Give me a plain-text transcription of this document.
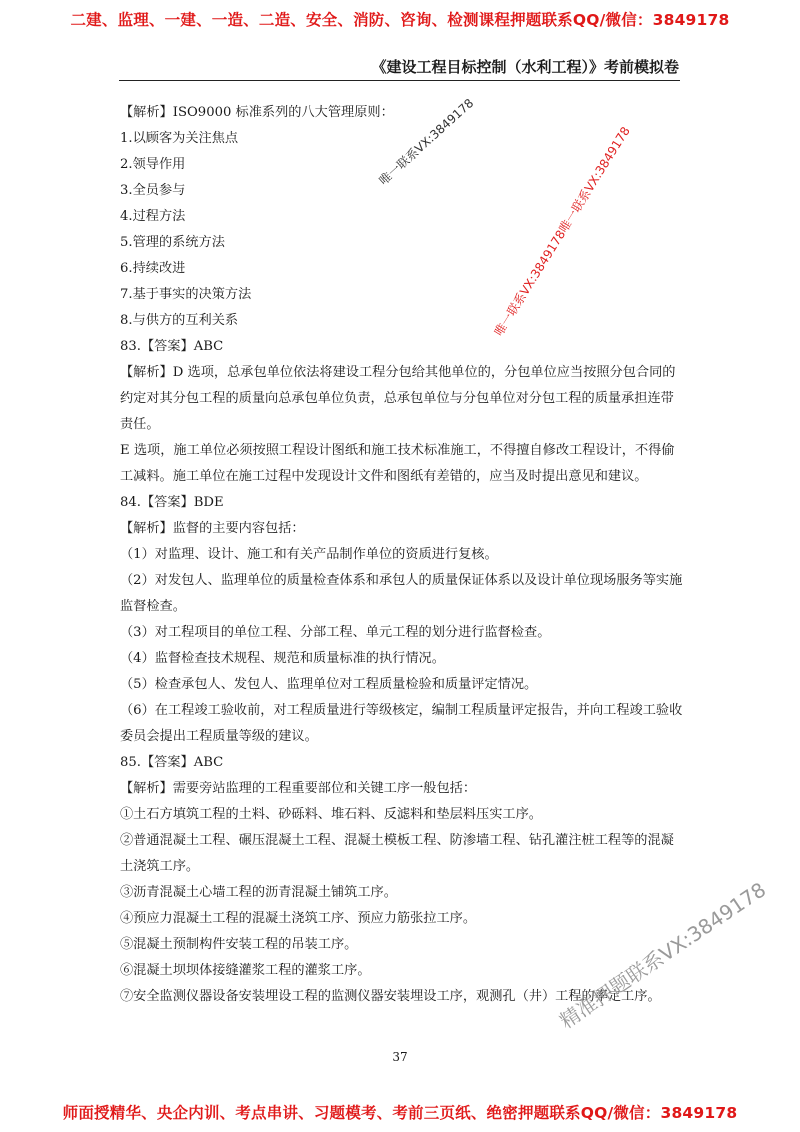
二建、监理、一建、一造、二造、安全、消防、咨询、检测课程押题联系QQ/微信：3849178
《建设工程目标控制（水利工程）》考前模拟卷

【解析】ISO9000 标准系列的八大管理原则：

1.以顾客为关注焦点

2.领导作用

3.全员参与

4.过程方法

5.管理的系统方法

6.持续改进

7.基于事实的决策方法

8.与供方的互利关系

83.【答案】ABC

【解析】D 选项，总承包单位依法将建设工程分包给其他单位的，分包单位应当按照分包合同的约定对其分包工程的质量向总承包单位负责，总承包单位与分包单位对分包工程的质量承担连带责任。

E 选项，施工单位必须按照工程设计图纸和施工技术标准施工，不得擅自修改工程设计，不得偷工减料。施工单位在施工过程中发现设计文件和图纸有差错的，应当及时提出意见和建议。

84.【答案】BDE

【解析】监督的主要内容包括：

（1）对监理、设计、施工和有关产品制作单位的资质进行复核。

（2）对发包人、监理单位的质量检查体系和承包人的质量保证体系以及设计单位现场服务等实施监督检查。

（3）对工程项目的单位工程、分部工程、单元工程的划分进行监督检查。

（4）监督检查技术规程、规范和质量标准的执行情况。

（5）检查承包人、发包人、监理单位对工程质量检验和质量评定情况。

（6）在工程竣工验收前，对工程质量进行等级核定，编制工程质量评定报告，并向工程竣工验收委员会提出工程质量等级的建议。

85.【答案】ABC

【解析】需要旁站监理的工程重要部位和关键工序一般包括：

①土石方填筑工程的土料、砂砾料、堆石料、反滤料和垫层料压实工序。

②普通混凝土工程、碾压混凝土工程、混凝土模板工程、防渗墙工程、钻孔灌注桩工程等的混凝土浇筑工序。

③沥青混凝土心墙工程的沥青混凝土铺筑工序。

④预应力混凝土工程的混凝土浇筑工序、预应力筋张拉工序。

⑤混凝土预制构件安装工程的吊装工序。

⑥混凝土坝坝体接缝灌浆工程的灌浆工序。

⑦安全监测仪器设备安装埋设工程的监测仪器安装埋设工序，观测孔（井）工程的率定工序。

37
唯一联系VX:3849178 唯一联系VX:3849178唯一联系VX:3849178
精准押题联系VX:3849178
师面授精华、央企内训、考点串讲、习题模考、考前三页纸、绝密押题联系QQ/微信：3849178
